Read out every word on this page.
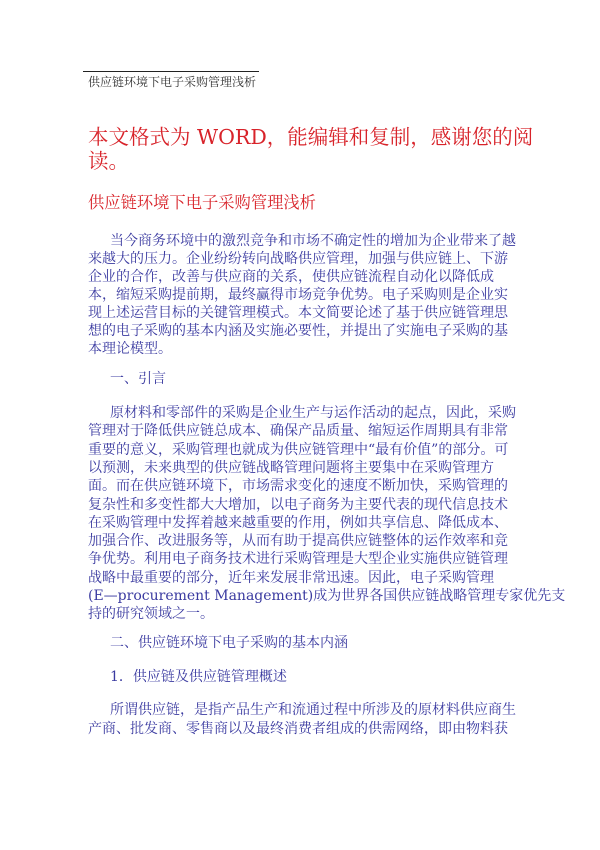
供应链环境下电子采购管理浅析
本文格式为 WORD，能编辑和复制，感谢您的阅
读。
供应链环境下电子采购管理浅析
当今商务环境中的激烈竞争和市场不确定性的增加为企业带来了越
来越大的压力。企业纷纷转向战略供应管理，加强与供应链上、下游
企业的合作，改善与供应商的关系，使供应链流程自动化以降低成
本，缩短采购提前期，最终赢得市场竞争优势。电子采购则是企业实
现上述运营目标的关键管理模式。本文简要论述了基于供应链管理思
想的电子采购的基本内涵及实施必要性，并提出了实施电子采购的基
本理论模型。
一、引言
原材料和零部件的采购是企业生产与运作活动的起点，因此，采购
管理对于降低供应链总成本、确保产品质量、缩短运作周期具有非常
重要的意义，采购管理也就成为供应链管理中“最有价值”的部分。可
以预测，未来典型的供应链战略管理问题将主要集中在采购管理方
面。而在供应链环境下，市场需求变化的速度不断加快，采购管理的
复杂性和多变性都大大增加，以电子商务为主要代表的现代信息技术
在采购管理中发挥着越来越重要的作用，例如共享信息、降低成本、
加强合作、改进服务等，从而有助于提高供应链整体的运作效率和竞
争优势。利用电子商务技术进行采购管理是大型企业实施供应链管理
战略中最重要的部分，近年来发展非常迅速。因此，电子采购管理
(E—procurement Management)成为世界各国供应链战略管理专家优先支
持的研究领域之一。
二、供应链环境下电子采购的基本内涵
1．供应链及供应链管理概述
所谓供应链，是指产品生产和流通过程中所涉及的原材料供应商生
产商、批发商、零售商以及最终消费者组成的供需网络，即由物料获
